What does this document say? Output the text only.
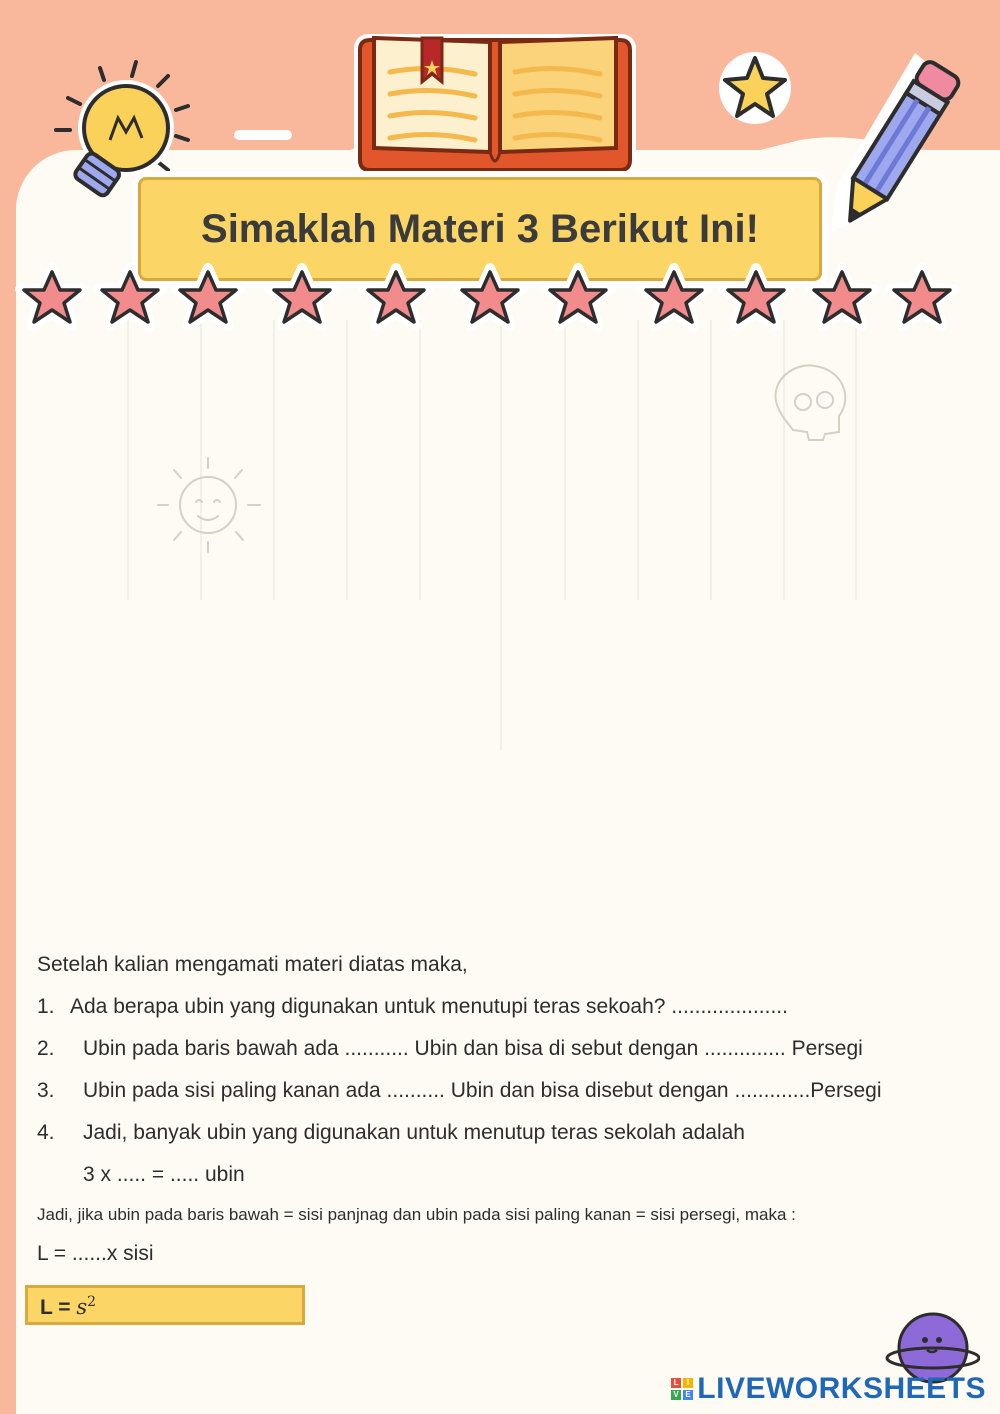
Simaklah Materi 3 Berikut Ini!
Setelah kalian mengamati materi diatas maka,
1. Ada berapa ubin yang digunakan untuk menutupi teras sekoah? ....................
2. Ubin pada baris bawah ada ........... Ubin dan bisa di sebut dengan .............. Persegi
3. Ubin pada sisi paling kanan ada .......... Ubin dan bisa disebut dengan .............Persegi
4. Jadi, banyak ubin yang digunakan untuk menutup teras sekolah adalah
3 x ..... = ..... ubin
Jadi, jika ubin pada baris bawah = sisi panjnag dan ubin pada sisi paling kanan = sisi persegi, maka :
L = ......x sisi
$L = s^2$
L I
V E LIVEWORKSHEETS
